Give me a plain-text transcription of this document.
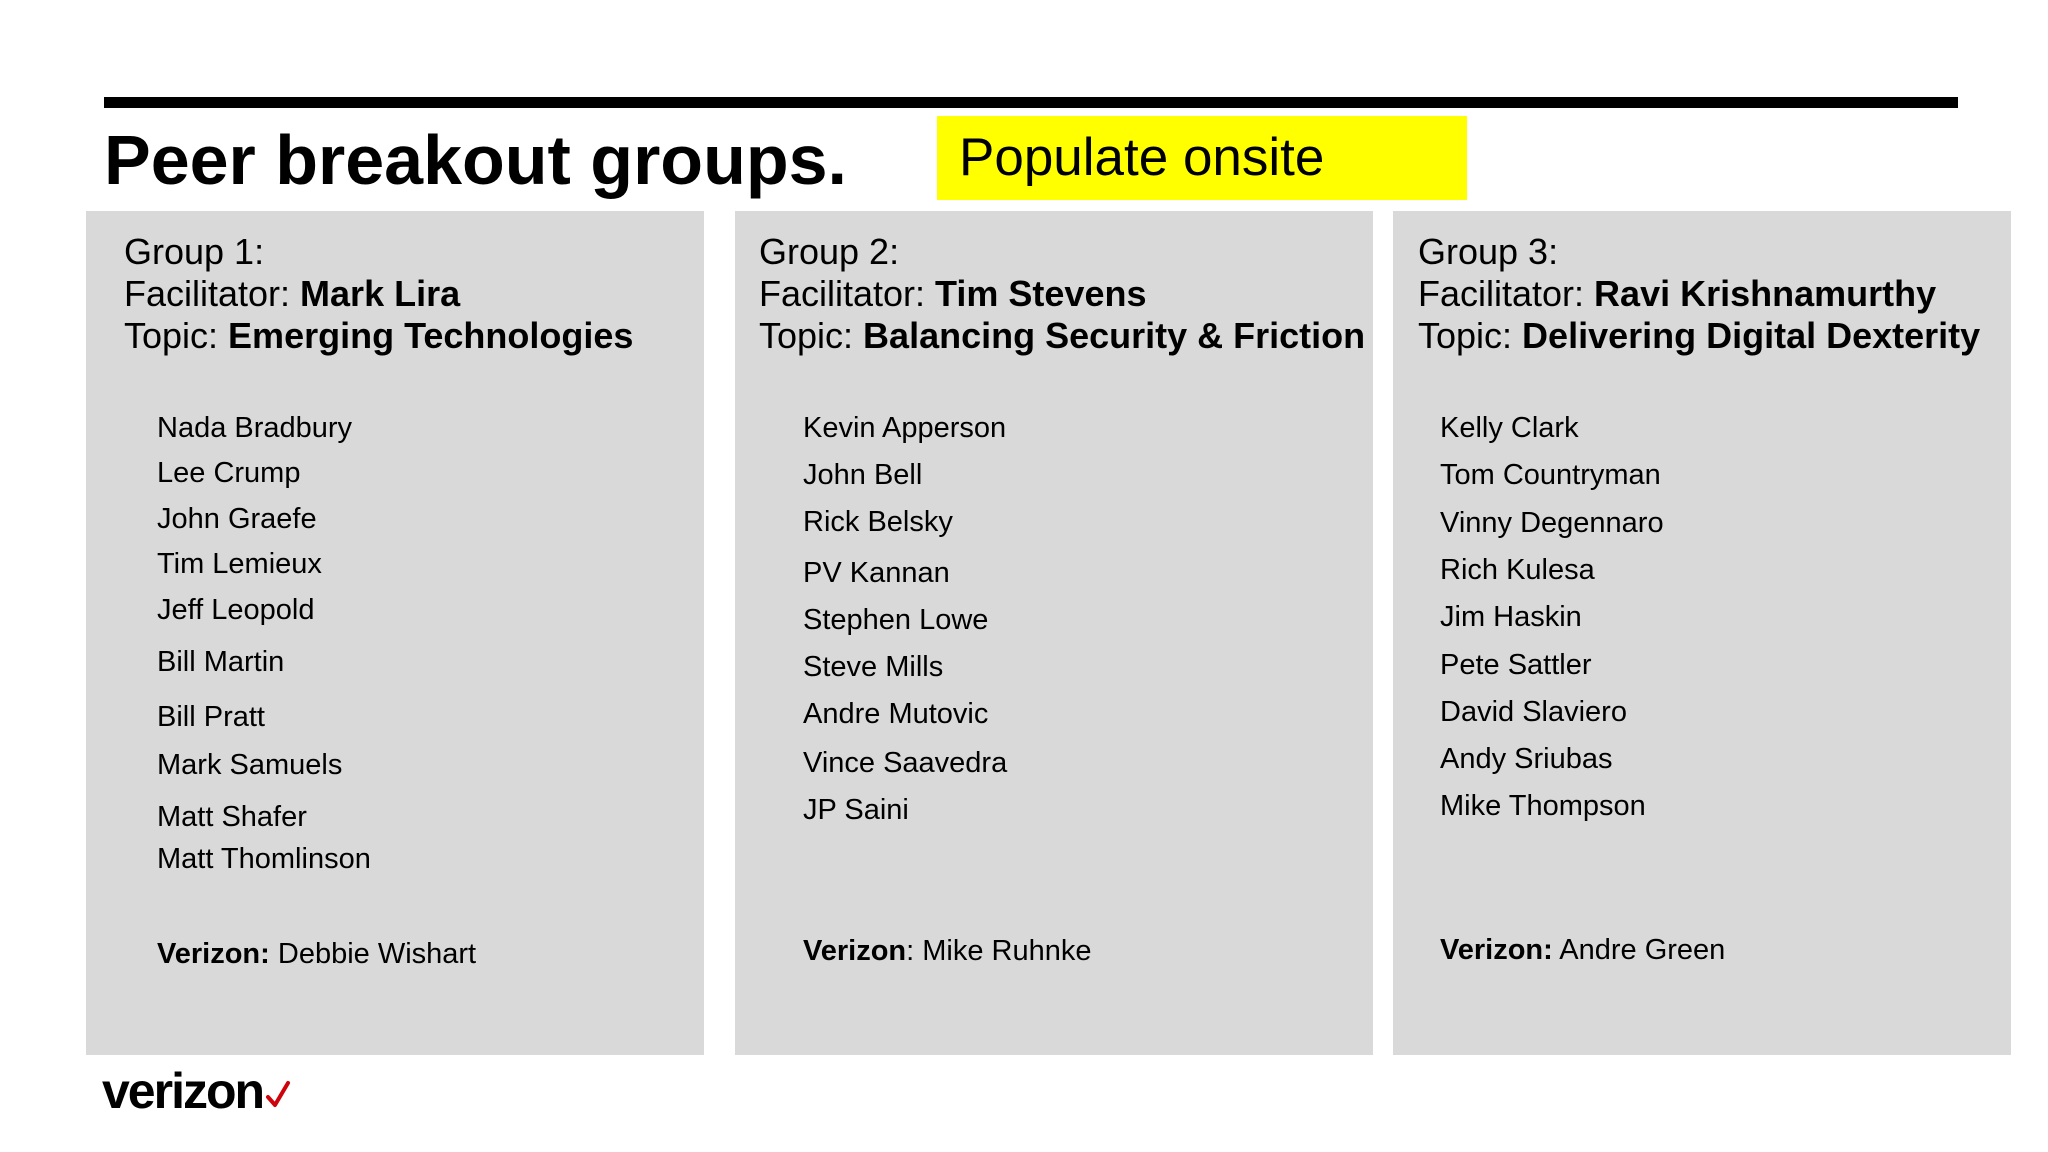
Peer breakout groups.	Populate onsite
Group 1:
Facilitator: Mark Lira
Topic: Emerging Technologies
Nada Bradbury
Lee Crump
John Graefe
Tim Lemieux
Jeff Leopold
Bill Martin
Bill Pratt
Mark Samuels
Matt Shafer
Matt Thomlinson
Verizon: Debbie Wishart
Group 2:
Facilitator: Tim Stevens
Topic: Balancing Security & Friction
Kevin Apperson
John Bell
Rick Belsky
PV Kannan
Stephen Lowe
Steve Mills
Andre Mutovic
Vince Saavedra
JP Saini
Verizon: Mike Ruhnke
Group 3:
Facilitator: Ravi Krishnamurthy
Topic: Delivering Digital Dexterity
Kelly Clark
Tom Countryman
Vinny Degennaro
Rich Kulesa
Jim Haskin
Pete Sattler
David Slaviero
Andy Sriubas
Mike Thompson
Verizon: Andre Green
verizon
